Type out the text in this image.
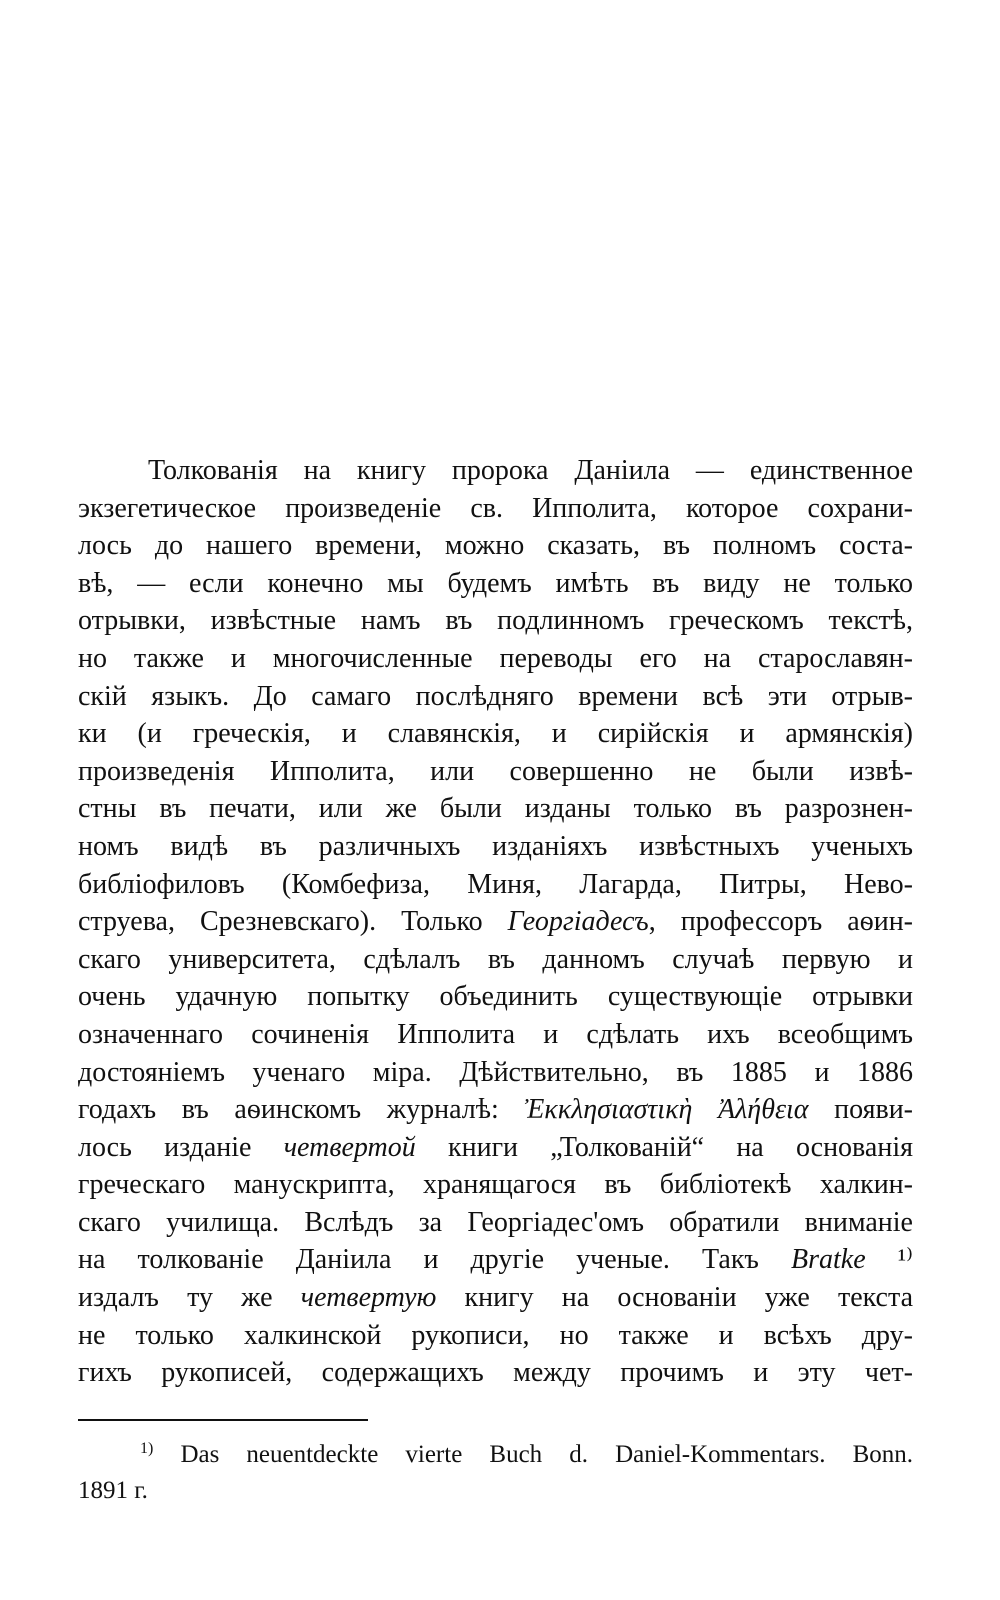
Толкованія на книгу пророка Даніила — единственное
экзегетическое произведеніе св. Ипполита, которое сохрани-
лось до нашего времени, можно сказать, въ полномъ соста-
вѣ, — если конечно мы будемъ имѣть въ виду не только
отрывки, извѣстные намъ въ подлинномъ греческомъ текстѣ,
но также и многочисленные переводы его на старославян-
скій языкъ. До самаго послѣдняго времени всѣ эти отрыв-
ки (и греческія, и славянскія, и сирійскія и армянскія)
произведенія Ипполита, или совершенно не были извѣ-
стны въ печати, или же были изданы только въ разрознен-
номъ видѣ въ различныхъ изданіяхъ извѣстныхъ ученыхъ
библіофиловъ (Комбефиза, Миня, Лагарда, Питры, Нево-
струева, Срезневскаго). Только Георгіадесъ, профессоръ аѳин-
скаго университета, сдѣлалъ въ данномъ случаѣ первую и
очень удачную попытку объединить существующіе отрывки
означеннаго сочиненія Ипполита и сдѣлать ихъ всеобщимъ
достояніемъ ученаго міра. Дѣйствительно, въ 1885 и 1886
годахъ въ аѳинскомъ журналѣ: Ἐκκλησιαστικὴ Ἀλήθεια появи-
лось изданіе четвертой книги „Толкованій“ на основанія
греческаго манускрипта, хранящагося въ библіотекѣ халкин-
скаго училища. Вслѣдъ за Георгіадес'омъ обратили вниманіе
на толкованіе Даніила и другіе ученые. Такъ Bratke ¹⁾
издалъ ту же четвертую книгу на основаніи уже текста
не только халкинской рукописи, но также и всѣхъ дру-
гихъ рукописей, содержащихъ между прочимъ и эту чет-
$^{1)}$ Das neuentdeckte vierte Buch d. Daniel-Kommentars. Bonn.
1891 г.
